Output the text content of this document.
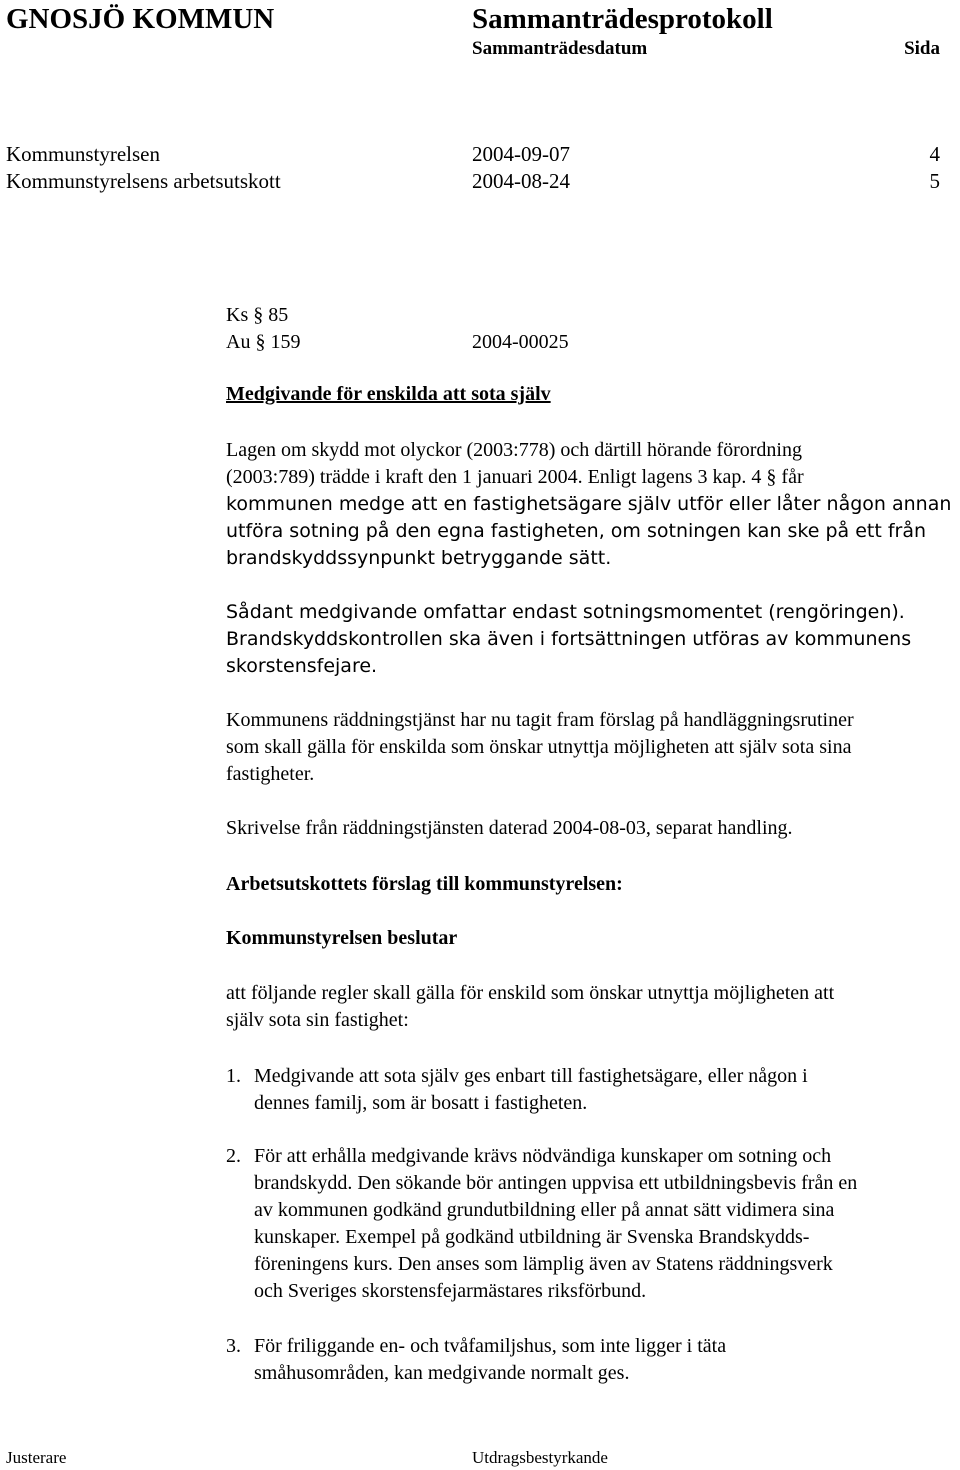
GNOSJÖ KOMMUN	Sammanträdesprotokoll
Sammanträdesdatum	Sida
Kommunstyrelsen	2004-09-07	4
Kommunstyrelsens arbetsutskott	2004-08-24	5
Ks § 85
Au § 159	2004-00025
Medgivande för enskilda att sota själv
Lagen om skydd mot olyckor (2003:778) och därtill hörande förordning
(2003:789) trädde i kraft den 1 januari 2004. Enligt lagens 3 kap. 4 § får
kommunen medge att en fastighetsägare själv utför eller låter någon annan
utföra sotning på den egna fastigheten, om sotningen kan ske på ett från
brandskyddssynpunkt betryggande sätt.
Sådant medgivande omfattar endast sotningsmomentet (rengöringen).
Brandskyddskontrollen ska även i fortsättningen utföras av kommunens
skorstensfejare.
Kommunens räddningstjänst har nu tagit fram förslag på handläggningsrutiner
som skall gälla för enskilda som önskar utnyttja möjligheten att själv sota sina
fastigheter.
Skrivelse från räddningstjänsten daterad 2004-08-03, separat handling.
Arbetsutskottets förslag till kommunstyrelsen:
Kommunstyrelsen beslutar
att följande regler skall gälla för enskild som önskar utnyttja möjligheten att
själv sota sin fastighet:
1. Medgivande att sota själv ges enbart till fastighetsägare, eller någon i
dennes familj, som är bosatt i fastigheten.
2. För att erhålla medgivande krävs nödvändiga kunskaper om sotning och
brandskydd. Den sökande bör antingen uppvisa ett utbildningsbevis från en
av kommunen godkänd grundutbildning eller på annat sätt vidimera sina
kunskaper. Exempel på godkänd utbildning är Svenska Brandskydds-
föreningens kurs. Den anses som lämplig även av Statens räddningsverk
och Sveriges skorstensfejarmästares riksförbund.
3. För friliggande en- och tvåfamiljshus, som inte ligger i täta
småhusområden, kan medgivande normalt ges.
Justerare	Utdragsbestyrkande
